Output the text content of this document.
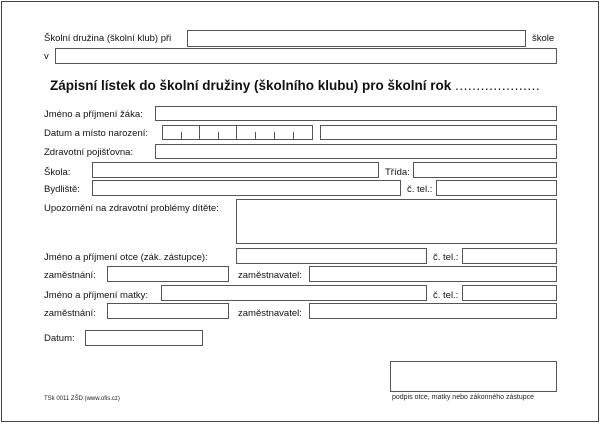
Školní družina (školní klub) při	škole
v
Zápisní lístek do školní družiny (školního klubu) pro školní rok ....................
Jméno a příjmení žáka:
Datum a místo narození:
Zdravotní pojišťovna:
Škola:	Třída:
Bydliště:	č. tel.:
Upozornění na zdravotní problémy dítěte:
Jméno a příjmení otce (zák. zástupce):	č. tel.:
zaměstnání:	zaměstnavatel:
Jméno a příjmení matky:	č. tel.:
zaměstnání:	zaměstnavatel:
Datum:
podpis otce, matky nebo zákonného zástupce
TSk 0011 ZŠD (www.ofis.cz)
